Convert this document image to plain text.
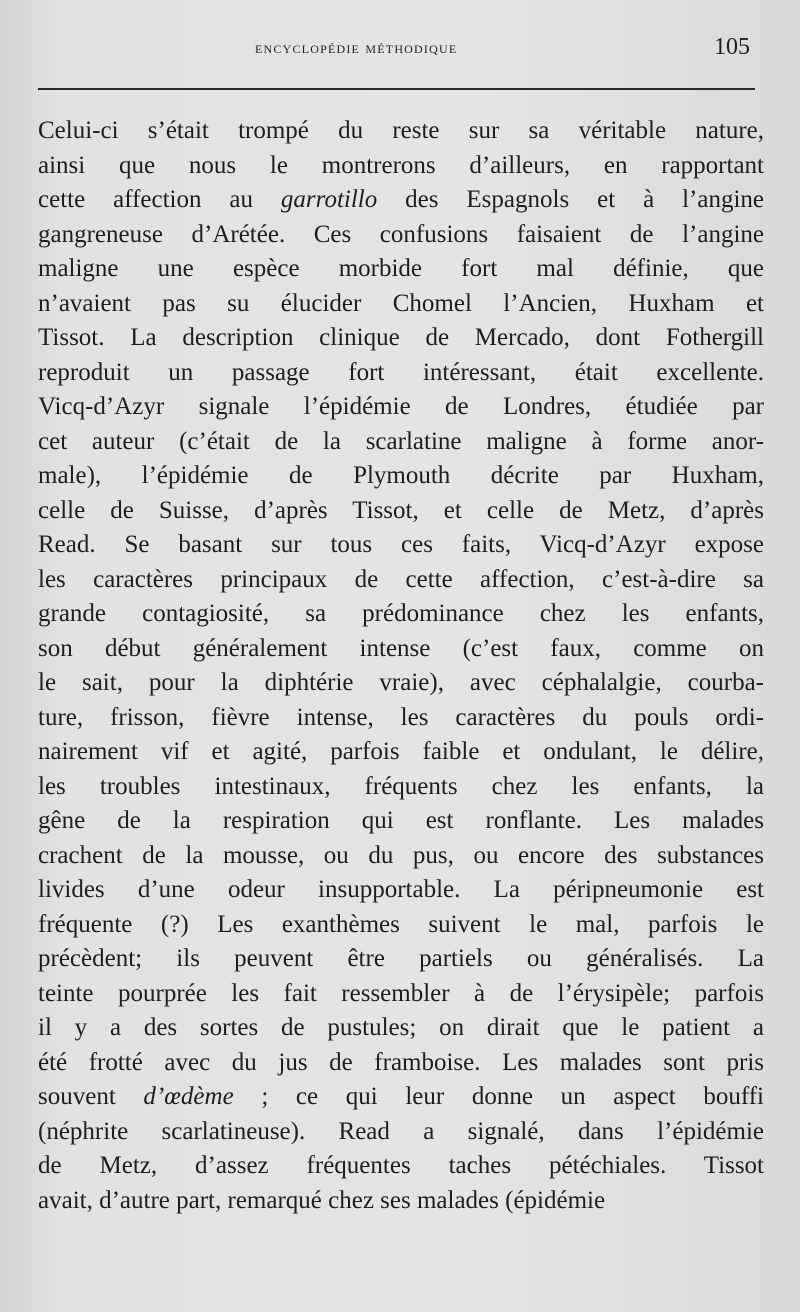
encyclopédie méthodique	105
Celui-ci s’était trompé du reste sur sa véritable nature,
ainsi que nous le montrerons d’ailleurs, en rapportant
cette affection au garrotillo des Espagnols et à l’angine
gangreneuse d’Arétée. Ces confusions faisaient de l’angine
maligne une espèce morbide fort mal définie, que
n’avaient pas su élucider Chomel l’Ancien, Huxham et
Tissot. La description clinique de Mercado, dont Fothergill
reproduit un passage fort intéressant, était excellente.
Vicq-d’Azyr signale l’épidémie de Londres, étudiée par
cet auteur (c’était de la scarlatine maligne à forme anor-
male), l’épidémie de Plymouth décrite par Huxham,
celle de Suisse, d’après Tissot, et celle de Metz, d’après
Read. Se basant sur tous ces faits, Vicq-d’Azyr expose
les caractères principaux de cette affection, c’est-à-dire sa
grande contagiosité, sa prédominance chez les enfants,
son début généralement intense (c’est faux, comme on
le sait, pour la diphtérie vraie), avec céphalalgie, courba-
ture, frisson, fièvre intense, les caractères du pouls ordi-
nairement vif et agité, parfois faible et ondulant, le délire,
les troubles intestinaux, fréquents chez les enfants, la
gêne de la respiration qui est ronflante. Les malades
crachent de la mousse, ou du pus, ou encore des substances
livides d’une odeur insupportable. La péripneumonie est
fréquente (?) Les exanthèmes suivent le mal, parfois le
précèdent; ils peuvent être partiels ou généralisés. La
teinte pourprée les fait ressembler à de l’érysipèle; parfois
il y a des sortes de pustules; on dirait que le patient a
été frotté avec du jus de framboise. Les malades sont pris
souvent d’œdème ; ce qui leur donne un aspect bouffi
(néphrite scarlatineuse). Read a signalé, dans l’épidémie
de Metz, d’assez fréquentes taches pétéchiales. Tissot
avait, d’autre part, remarqué chez ses malades (épidémie
